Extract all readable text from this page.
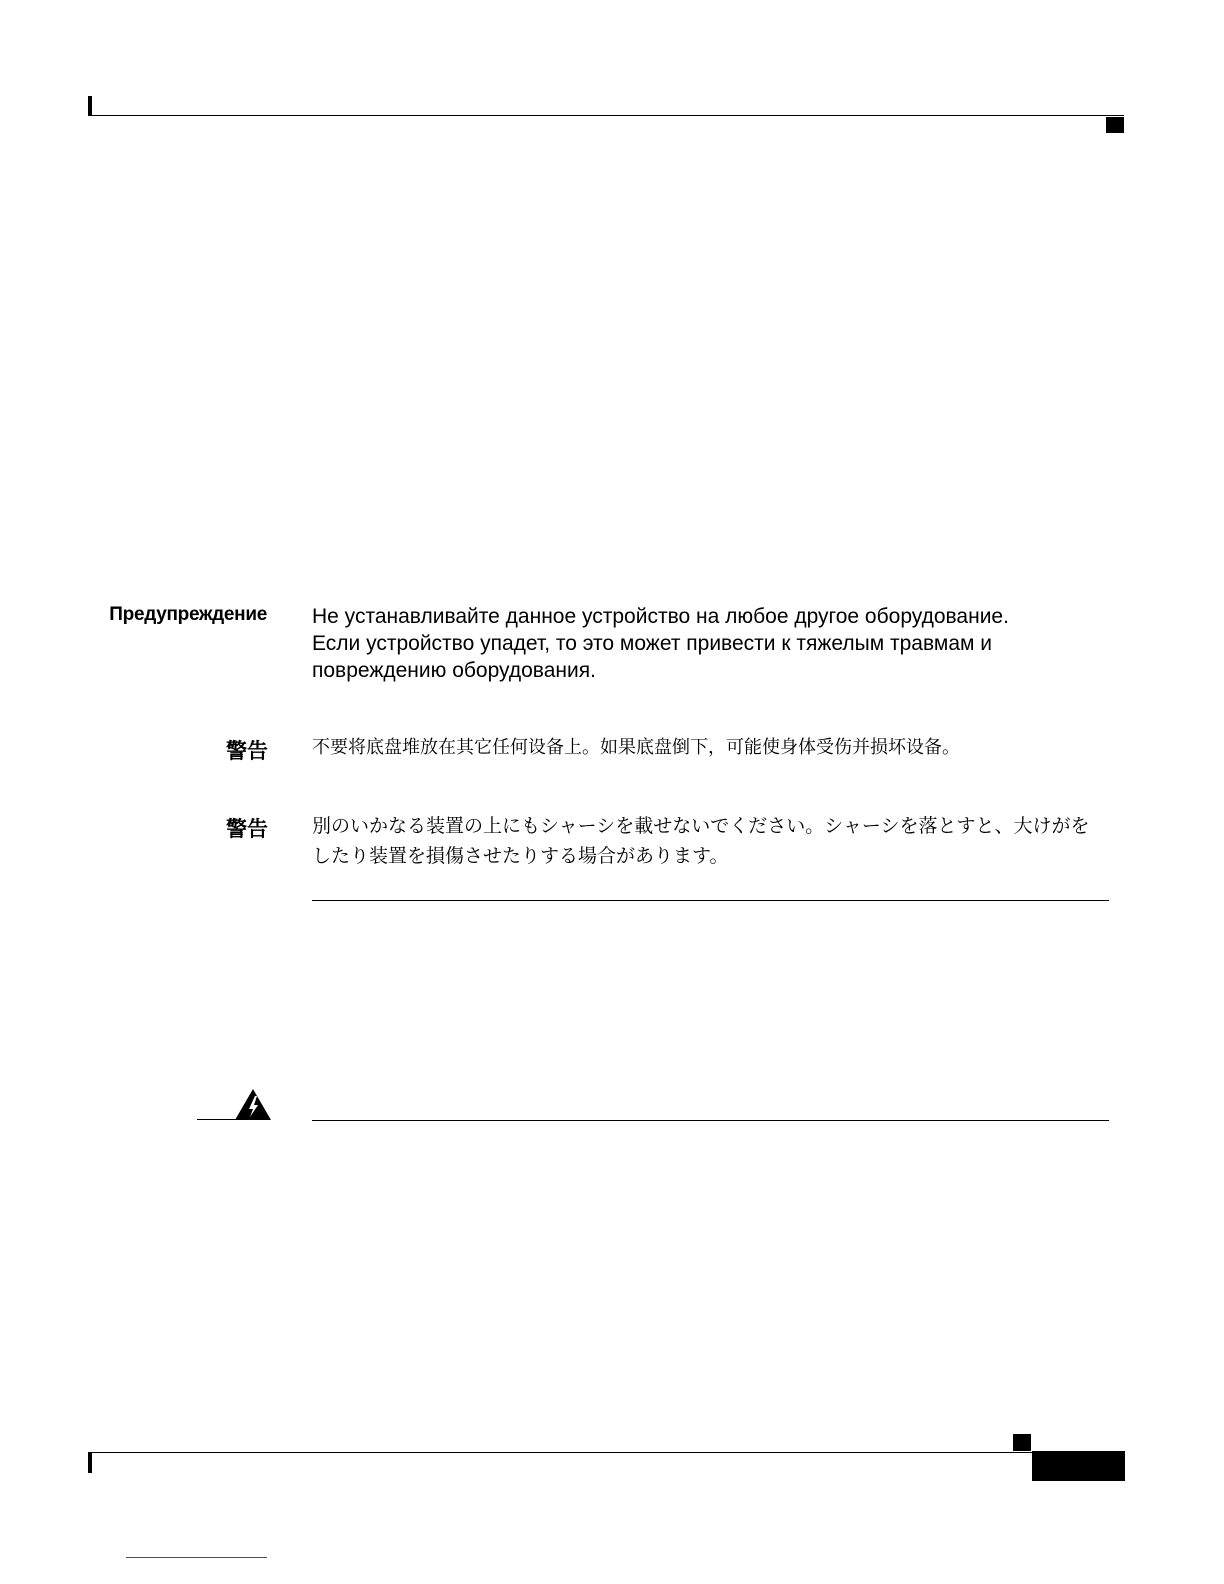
Предупреждение Не устанавливайте данное устройство на любое другое оборудование.
Если устройство упадет, то это может привести к тяжелым травмам и
повреждению оборудования.
警告 不要将底盘堆放在其它任何设备上。如果底盘倒下，可能使身体受伤并损坏设备。
警告 別のいかなる装置の上にもシャーシを載せないでください。シャーシを落とすと、大けがをしたり装置を損傷させたりする場合があります。
